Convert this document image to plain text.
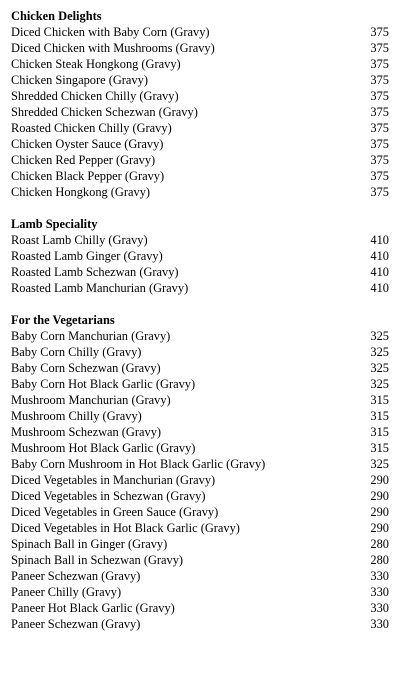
Chicken Delights
Diced Chicken with Baby Corn (Gravy)	375
Diced Chicken with Mushrooms (Gravy)	375
Chicken Steak Hongkong (Gravy)	375
Chicken Singapore (Gravy)	375
Shredded Chicken Chilly (Gravy)	375
Shredded Chicken Schezwan (Gravy)	375
Roasted Chicken Chilly (Gravy)	375
Chicken Oyster Sauce (Gravy)	375
Chicken Red Pepper (Gravy)	375
Chicken Black Pepper (Gravy)	375
Chicken Hongkong (Gravy)	375
Lamb Speciality
Roast Lamb Chilly (Gravy)	410
Roasted Lamb Ginger (Gravy)	410
Roasted Lamb Schezwan (Gravy)	410
Roasted Lamb Manchurian (Gravy)	410
For the Vegetarians
Baby Corn Manchurian (Gravy)	325
Baby Corn Chilly (Gravy)	325
Baby Corn Schezwan (Gravy)	325
Baby Corn Hot Black Garlic (Gravy)	325
Mushroom Manchurian (Gravy)	315
Mushroom Chilly (Gravy)	315
Mushroom Schezwan (Gravy)	315
Mushroom Hot Black Garlic (Gravy)	315
Baby Corn Mushroom in Hot Black Garlic (Gravy)	325
Diced Vegetables in Manchurian (Gravy)	290
Diced Vegetables in Schezwan (Gravy)	290
Diced Vegetables in Green Sauce (Gravy)	290
Diced Vegetables in Hot Black Garlic (Gravy)	290
Spinach Ball in Ginger (Gravy)	280
Spinach Ball in Schezwan (Gravy)	280
Paneer Schezwan (Gravy)	330
Paneer Chilly (Gravy)	330
Paneer Hot Black Garlic (Gravy)	330
Paneer Schezwan (Gravy)	330
